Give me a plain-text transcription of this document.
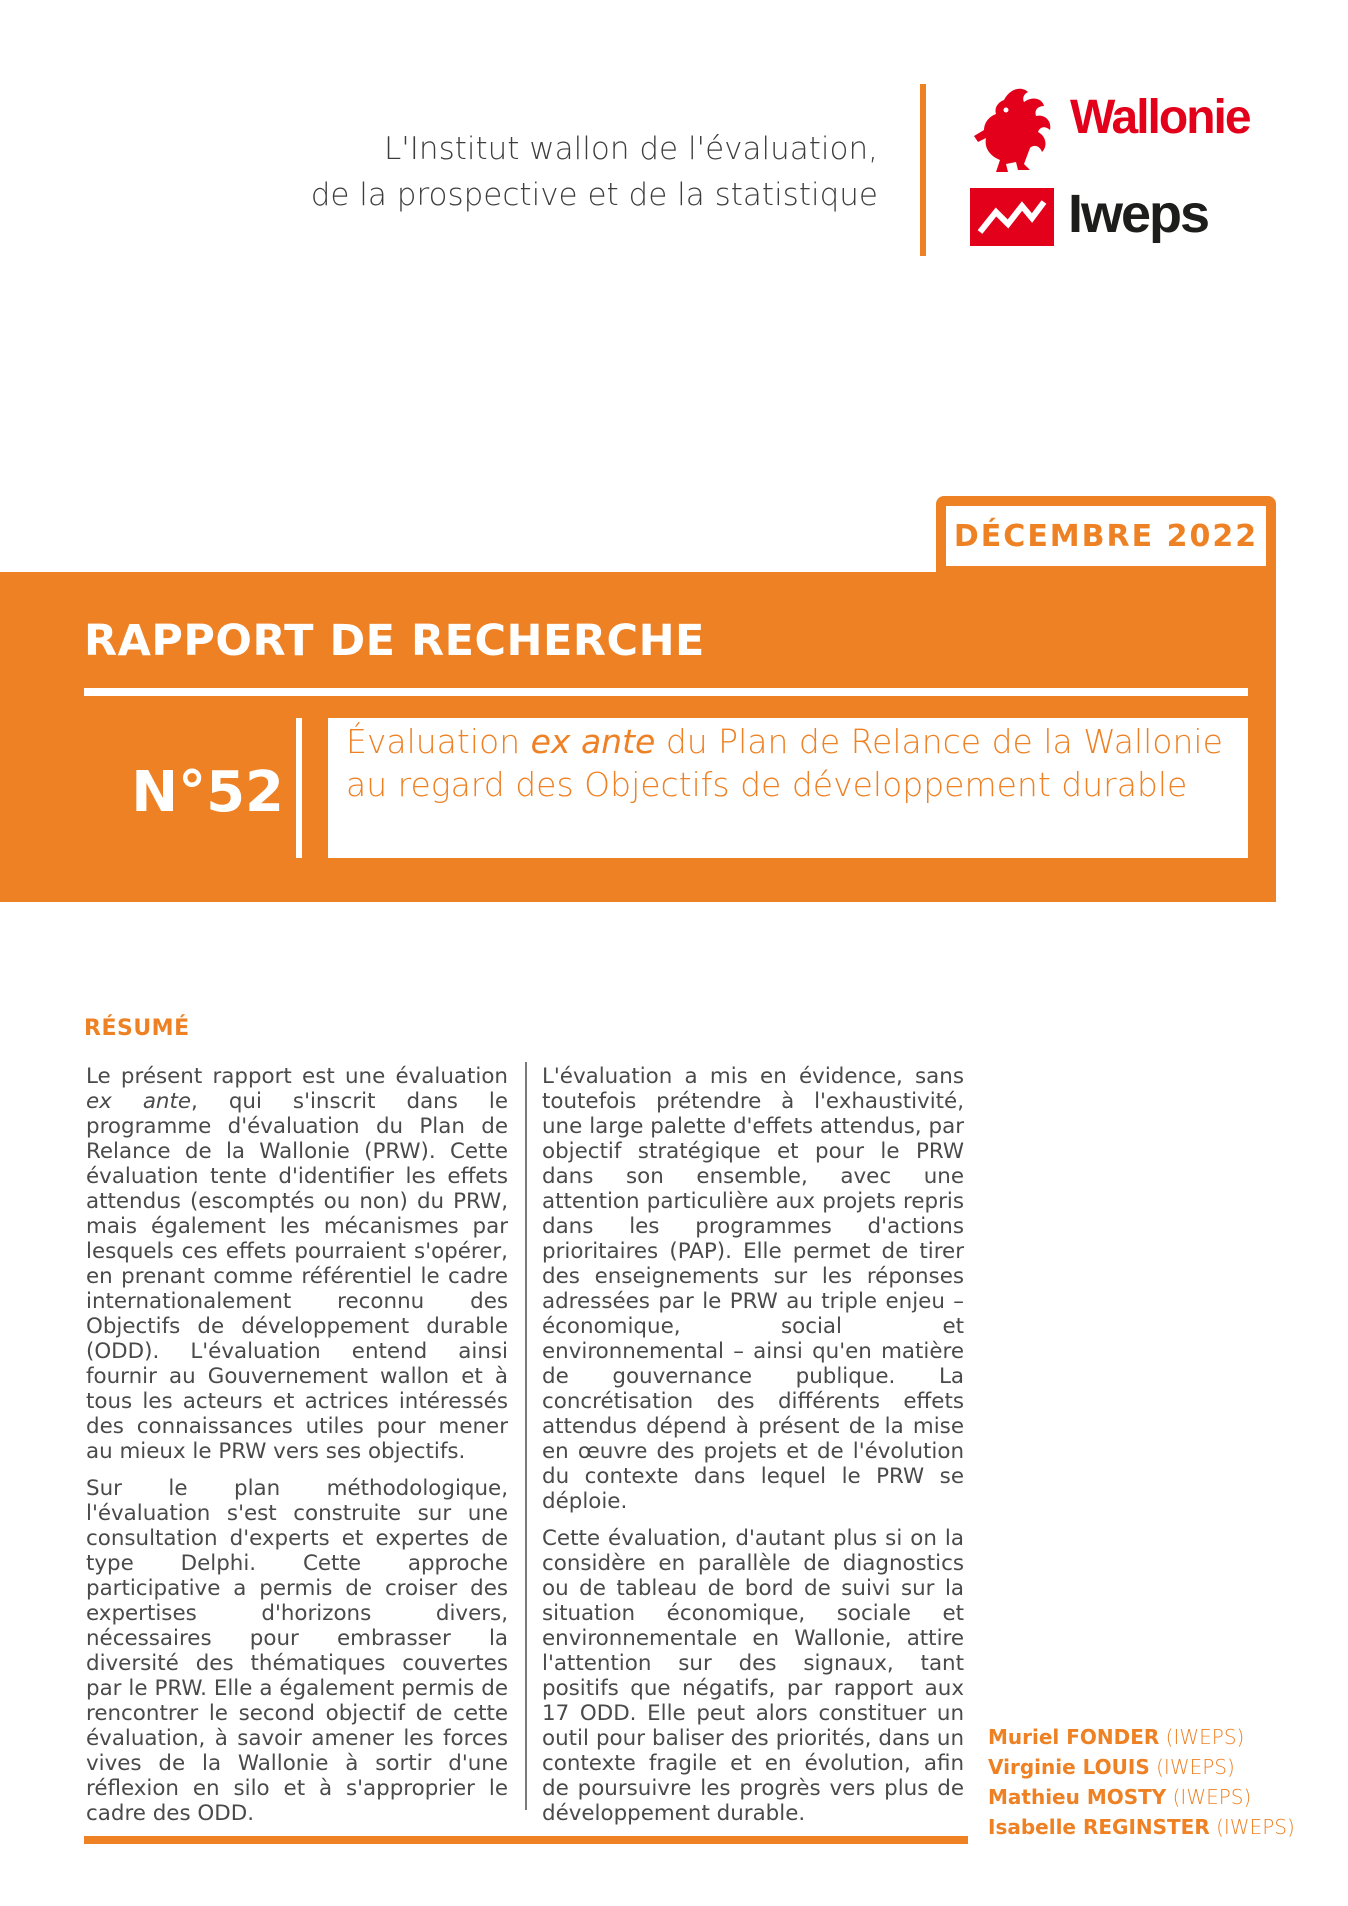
L'Institut wallon de l'évaluation,
de la prospective et de la statistique
Wallonie
Iweps
DÉCEMBRE 2022
RAPPORT DE RECHERCHE
N°52
Évaluation ex ante du Plan de Relance de la Wallonie au regard des Objectifs de développement durable
RÉSUMÉ

Le présent rapport est une évaluation ex ante, qui s'inscrit dans le programme d'évaluation du Plan de Relance de la Wallonie (PRW). Cette évaluation tente d'identifier les effets attendus (escomptés ou non) du PRW, mais également les mécanismes par lesquels ces effets pourraient s'opérer, en prenant comme référentiel le cadre internationalement reconnu des Objectifs de développement durable (ODD). L'évaluation entend ainsi fournir au Gouvernement wallon et à tous les acteurs et actrices intéressés des connaissances utiles pour mener au mieux le PRW vers ses objectifs.

Sur le plan méthodologique, l'évaluation s'est construite sur une consultation d'experts et expertes de type Delphi. Cette approche participative a permis de croiser des expertises d'horizons divers, nécessaires pour embrasser la diversité des thématiques couvertes par le PRW. Elle a également permis de rencontrer le second objectif de cette évaluation, à savoir amener les forces vives de la Wallonie à sortir d'une réflexion en silo et à s'approprier le cadre des ODD.

L'évaluation a mis en évidence, sans toutefois prétendre à l'exhaustivité, une large palette d'effets attendus, par objectif stratégique et pour le PRW dans son ensemble, avec une attention particulière aux projets repris dans les programmes d'actions prioritaires (PAP). Elle permet de tirer des enseignements sur les réponses adressées par le PRW au triple enjeu – économique, social et environnemental – ainsi qu'en matière de gouvernance publique. La concrétisation des différents effets attendus dépend à présent de la mise en œuvre des projets et de l'évolution du contexte dans lequel le PRW se déploie.

Cette évaluation, d'autant plus si on la considère en parallèle de diagnostics ou de tableau de bord de suivi sur la situation économique, sociale et environnementale en Wallonie, attire l'attention sur des signaux, tant positifs que négatifs, par rapport aux 17 ODD. Elle peut alors constituer un outil pour baliser des priorités, dans un contexte fragile et en évolution, afin de poursuivre les progrès vers plus de développement durable.

Muriel FONDER (IWEPS)
Virginie LOUIS (IWEPS)
Mathieu MOSTY (IWEPS)
Isabelle REGINSTER (IWEPS)
